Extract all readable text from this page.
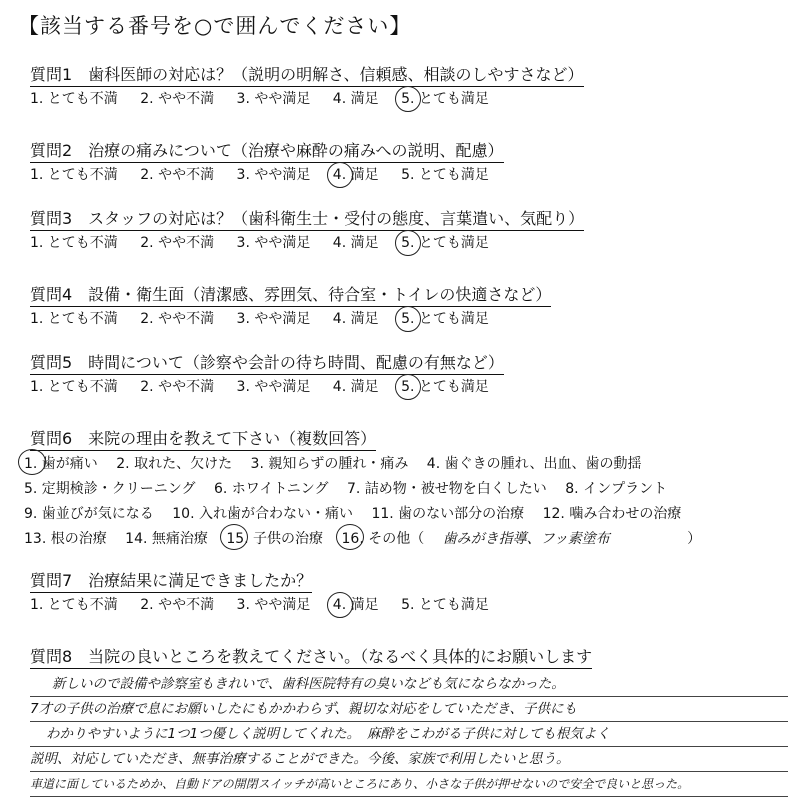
【該当する番号を○で囲んでください】
質問1　歯科医師の対応は？（説明の明解さ、信頼感、相談のしやすさなど）
1. とても不満 2. やや不満 3. やや満足 4. 満足 5. とても満足
質問2　治療の痛みについて（治療や麻酔の痛みへの説明、配慮）
1. とても不満 2. やや不満 3. やや満足 4. 満足 5. とても満足
質問3　スタッフの対応は？（歯科衛生士・受付の態度、言葉遣い、気配り）
1. とても不満 2. やや不満 3. やや満足 4. 満足 5. とても満足
質問4　設備・衛生面（清潔感、雰囲気、待合室・トイレの快適さなど）
1. とても不満 2. やや不満 3. やや満足 4. 満足 5. とても満足
質問5　時間について（診察や会計の待ち時間、配慮の有無など）
1. とても不満 2. やや不満 3. やや満足 4. 満足 5. とても満足
質問6　来院の理由を教えて下さい（複数回答）
1. 歯が痛い 2. 取れた、欠けた 3. 親知らずの腫れ・痛み 4. 歯ぐきの腫れ、出血、歯の動揺
5. 定期検診・クリーニング 6. ホワイトニング 7. 詰め物・被せ物を白くしたい 8. インプラント
9. 歯並びが気になる 10. 入れ歯が合わない・痛い 11. 歯のない部分の治療 12. 噛み合わせの治療
13. 根の治療 14. 無痛治療 15. 子供の治療 16. その他（ 歯みがき指導、フッ素塗布	）
質問7　治療結果に満足できましたか？
1. とても不満 2. やや不満 3. やや満足 4. 満足 5. とても満足
質問8　当院の良いところを教えてください。（なるべく具体的にお願いします
新しいので設備や診察室もきれいで、歯科医院特有の臭いなども気にならなかった。
7才の子供の治療で息にお願いしたにもかかわらず、親切な対応をしていただき、子供にも
わかりやすいように1つ1つ優しく説明してくれた。　麻酔をこわがる子供に対しても根気よく
説明、対応していただき、無事治療することができた。今後、家族で利用したいと思う。
車道に面しているためか、自動ドアの開閉スイッチが高いところにあり、小さな子供が押せないので安全で良いと思った。
